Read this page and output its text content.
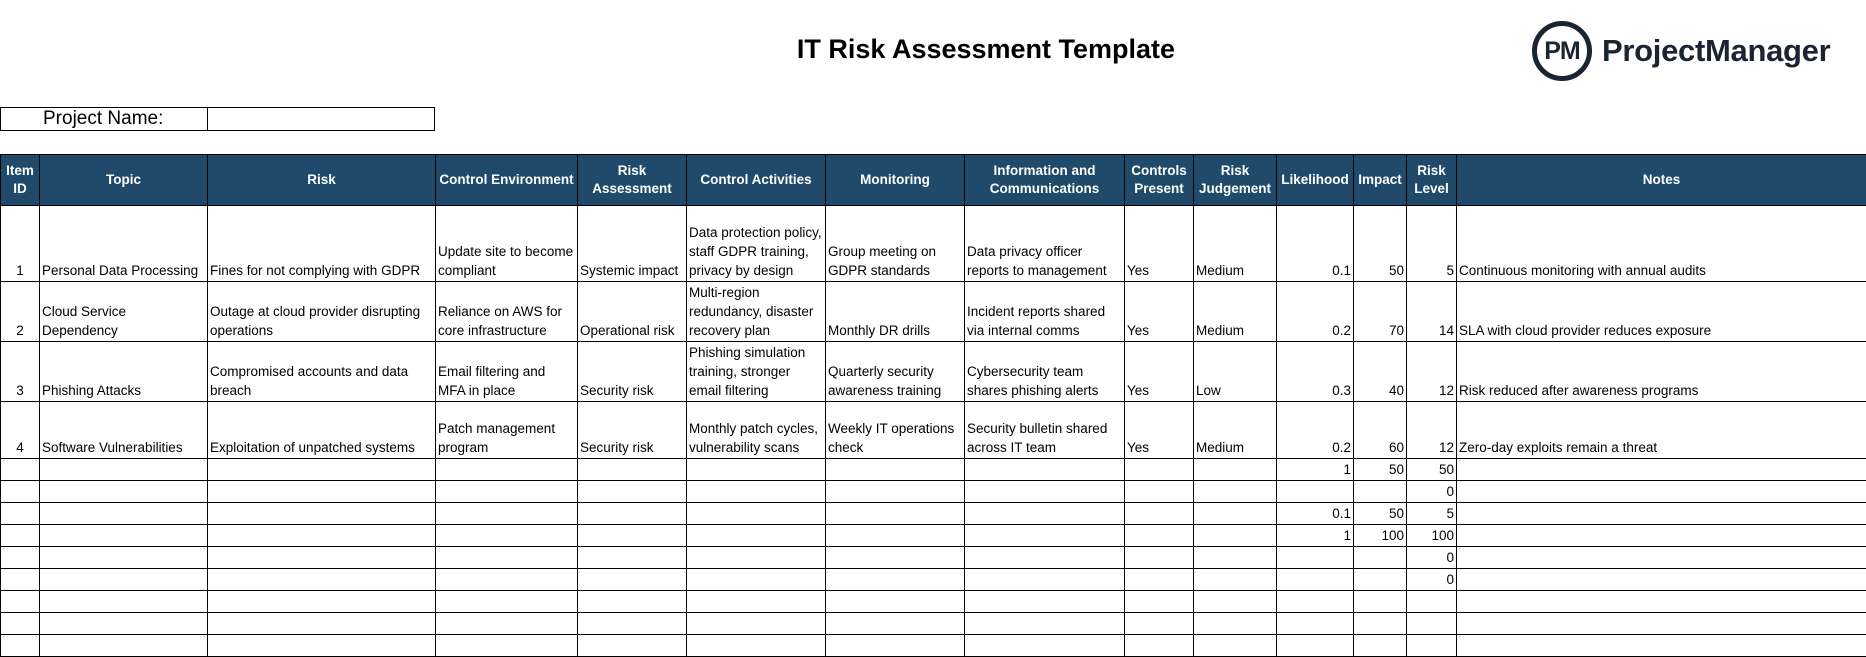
IT Risk Assessment Template	PM ProjectManager
Project Name:
Item ID	Topic	Risk	Control Environment	Risk Assessment	Control Activities	Monitoring	Information and Communications	Controls Present	Risk Judgement	Likelihood	Impact	Risk Level	Notes
1	Personal Data Processing	Fines for not complying with GDPR	Update site to become compliant	Systemic impact	Data protection policy, staff GDPR training, privacy by design	Group meeting on GDPR standards	Data privacy officer reports to management	Yes	Medium	0.1	50	5	Continuous monitoring with annual audits
2	Cloud Service Dependency	Outage at cloud provider disrupting operations	Reliance on AWS for core infrastructure	Operational risk	Multi-region redundancy, disaster recovery plan	Monthly DR drills	Incident reports shared via internal comms	Yes	Medium	0.2	70	14	SLA with cloud provider reduces exposure
3	Phishing Attacks	Compromised accounts and data breach	Email filtering and MFA in place	Security risk	Phishing simulation training, stronger email filtering	Quarterly security awareness training	Cybersecurity team shares phishing alerts	Yes	Low	0.3	40	12	Risk reduced after awareness programs
4	Software Vulnerabilities	Exploitation of unpatched systems	Patch management program	Security risk	Monthly patch cycles, vulnerability scans	Weekly IT operations check	Security bulletin shared across IT team	Yes	Medium	0.2	60	12	Zero-day exploits remain a threat
										1	50	50	
												0	
										0.1	50	5	
										1	100	100	
												0	
												0	
